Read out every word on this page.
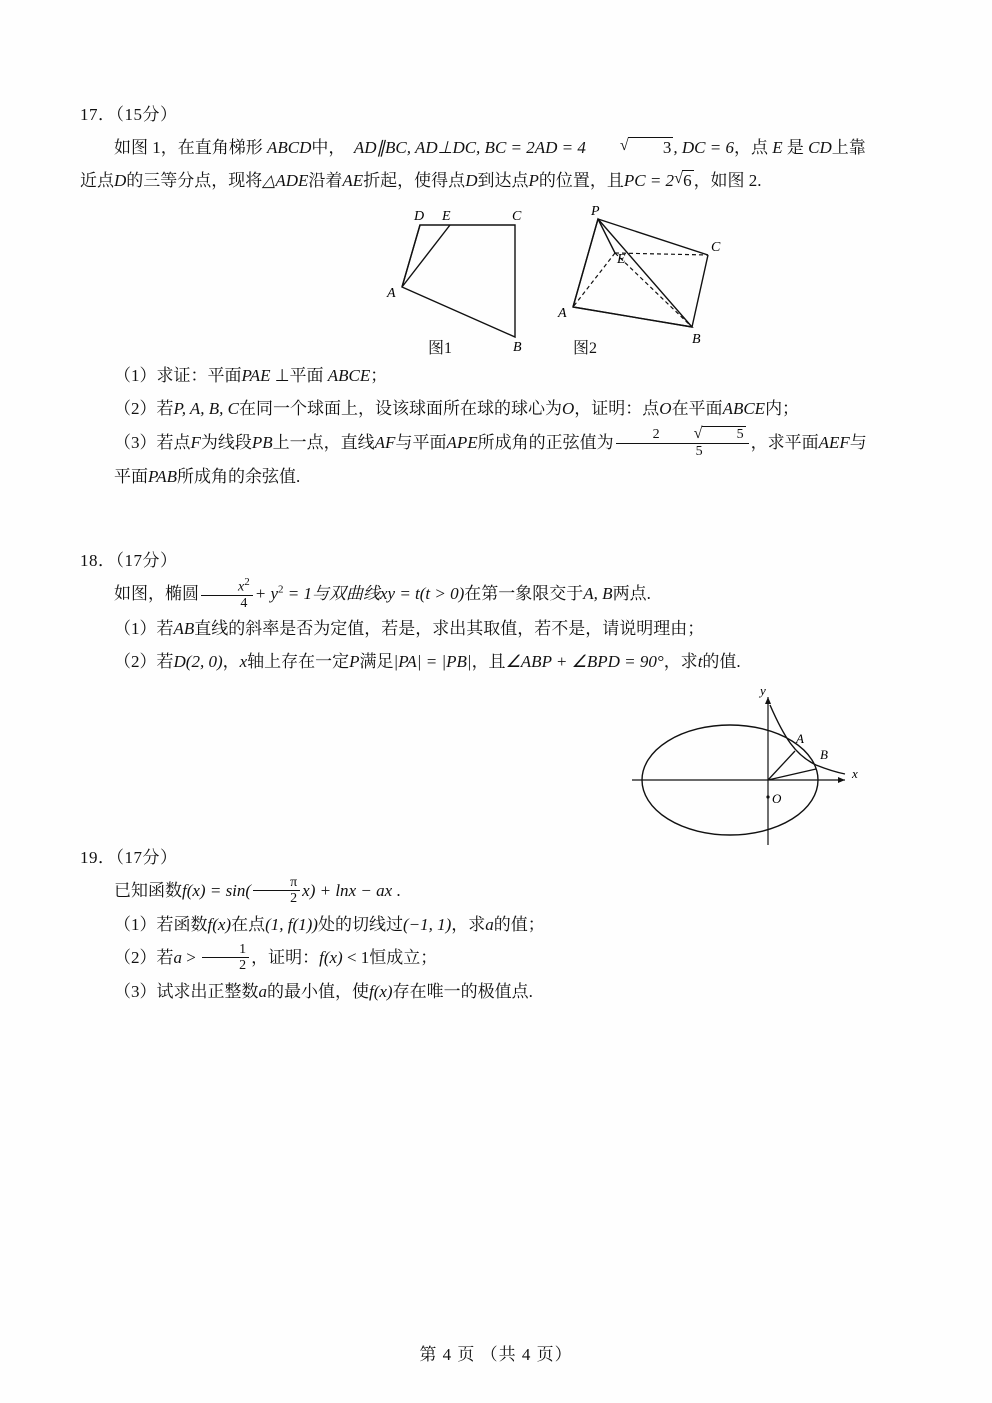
17．（15分）

如图 1，在直角梯形 ABCD中， AD∥BC, AD⊥DC, BC = 2AD = 4	√ 3 , DC = 6，点 E 是 CD上靠

近点D的三等分点，现将△ADE沿着AE折起，使得点D到达点P的位置，且PC = 2 √ 6 ，如图 2.

D E	C
A
B
P
E
C
A
B
图1	图2

（1）求证：平面PAE ⊥平面 ABCE；

（2）若P, A, B, C在同一个球面上，设该球面所在球的球心为O，证明：点O在平面ABCE内；

（3）若点F为线段PB上一点，直线AF与平面APE所成角的正弦值为 2	√ 5
5 ，求平面AEF与

平面PAB所成角的余弦值.

18．（17分）

如图，椭圆 $\frac{x^2}{4} + y^2 = 1$与双曲线xy = t(t > 0)在第一象限交于A, B两点.

（1）若AB直线的斜率是否为定值，若是，求出其取值，若不是，请说明理由；

（2）若D(2, 0)，x轴上存在一定P满足|PA| = |PB|，且∠ABP + ∠BPD = 90°，求t的值.

y
x
A
B
O
19．（17分）

已知函数$f(x) = \sin( \frac{\pi}{2} x) + \ln x$ − ax .

（1）若函数f(x)在点(1, f(1))处的切线过(−1, 1)，求a的值；

（2）若$a > \frac{1}{2}$ ，证明：f(x) < 1恒成立；

（3）试求出正整数a的最小值，使f(x)存在唯一的极值点.

第 4 页 （共 4 页）
